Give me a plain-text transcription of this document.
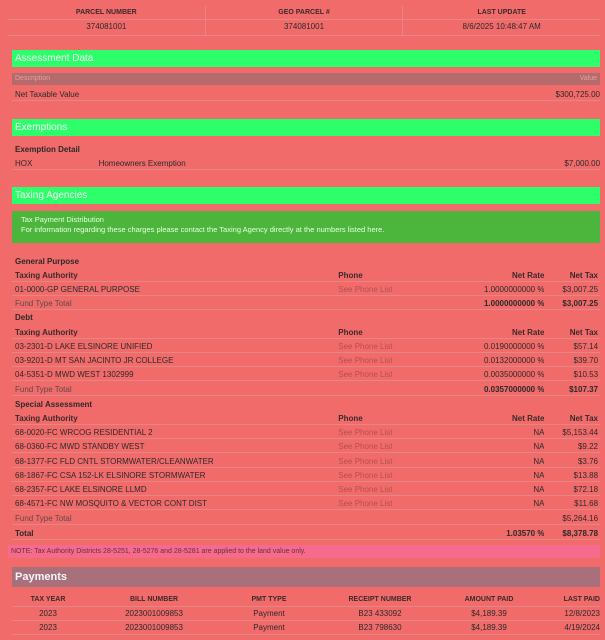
PARCEL NUMBER	GEO PARCEL #	LAST UPDATE
374081001	374081001	8/6/2025 10:48:47 AM
Assessment Data
Description	Value
Net Taxable Value	$300,725.00
Exemptions
Exemption Detail
HOX	Homeowners Exemption	$7,000.00
Taxing Agencies
Tax Payment Distribution
For information regarding these charges please contact the Taxing Agency directly at the numbers listed here.
General Purpose
Taxing Authority	Phone	Net Rate	Net Tax
01-0000-GP GENERAL PURPOSE	See Phone List	1.0000000000 %	$3,007.25
Fund Type Total	1.0000000000 %	$3,007.25
Debt
Taxing Authority	Phone	Net Rate	Net Tax
03-2301-D LAKE ELSINORE UNIFIED	See Phone List	0.0190000000 %	$57.14
03-9201-D MT SAN JACINTO JR COLLEGE	See Phone List	0.0132000000 %	$39.70
04-5351-D MWD WEST 1302999	See Phone List	0.0035000000 %	$10.53
Fund Type Total	0.0357000000 %	$107.37
Special Assessment
Taxing Authority	Phone	Net Rate	Net Tax
68-0020-FC WRCOG RESIDENTIAL 2	See Phone List	NA	$5,153.44
68-0360-FC MWD STANDBY WEST	See Phone List	NA	$9.22
68-1377-FC FLD CNTL STORMWATER/CLEANWATER	See Phone List	NA	$3.76
68-1867-FC CSA 152-LK ELSINORE STORMWATER	See Phone List	NA	$13.88
68-2357-FC LAKE ELSINORE LLMD	See Phone List	NA	$72.18
68-4571-FC NW MOSQUITO & VECTOR CONT DIST	See Phone List	NA	$11.68
Fund Type Total	$5,264.16
Total	1.03570 %	$8,378.78
NOTE: Tax Authority Districts 28-5251, 28-5276 and 28-5281 are applied to the land value only.
Payments
TAX YEAR	BILL NUMBER	PMT TYPE	RECEIPT NUMBER	AMOUNT PAID	LAST PAID
2023	2023001009853	Payment	B23 433092	$4,189.39	12/8/2023
2023	2023001009853	Payment	B23 798630	$4,189.39	4/19/2024
